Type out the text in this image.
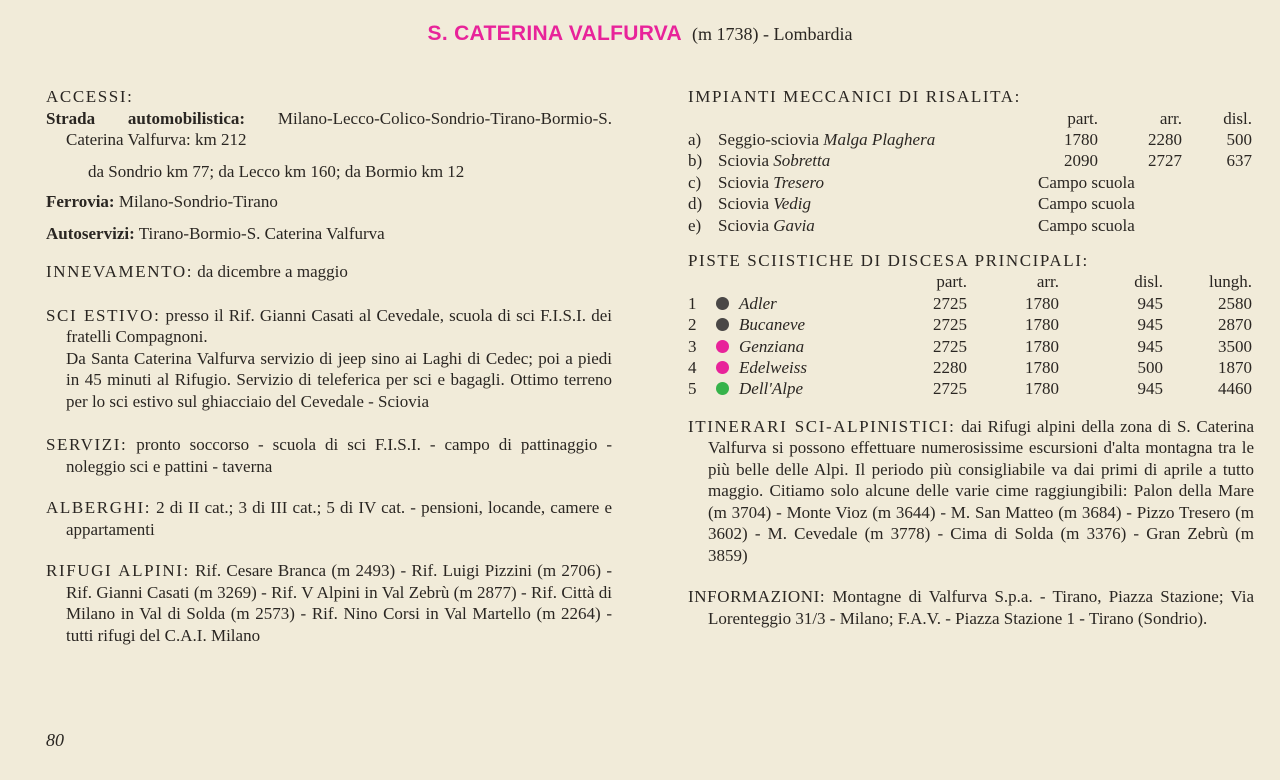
S. CATERINA VALFURVA (m 1738) - Lombardia
ACCESSI:
Strada automobilistica: Milano-Lecco-Colico-Sondrio-Tirano-Bormio-S. Caterina Valfurva: km 212
da Sondrio km 77; da Lecco km 160; da Bormio km 12
Ferrovia: Milano-Sondrio-Tirano
Autoservizi: Tirano-Bormio-S. Caterina Valfurva
INNEVAMENTO: da dicembre a maggio
SCI ESTIVO: presso il Rif. Gianni Casati al Cevedale, scuola di sci F.I.S.I. dei fratelli Compagnoni.
Da Santa Caterina Valfurva servizio di jeep sino ai Laghi di Cedec; poi a piedi in 45 minuti al Rifugio. Servizio di teleferica per sci e bagagli. Ottimo terreno per lo sci estivo sul ghiacciaio del Cevedale - Sciovia
SERVIZI: pronto soccorso - scuola di sci F.I.S.I. - campo di pattinaggio - noleggio sci e pattini - taverna
ALBERGHI: 2 di II cat.; 3 di III cat.; 5 di IV cat. - pensioni, locande, camere e appartamenti
RIFUGI ALPINI: Rif. Cesare Branca (m 2493) - Rif. Luigi Pizzini (m 2706) - Rif. Gianni Casati (m 3269) - Rif. V Alpini in Val Zebrù (m 2877) - Rif. Città di Milano in Val di Solda (m 2573) - Rif. Nino Corsi in Val Martello (m 2264) - tutti rifugi del C.A.I. Milano
80
IMPIANTI MECCANICI DI RISALITA:
		part.	arr.	disl.
a)	Seggio-sciovia Malga Plaghera	1780	2280	500
b)	Sciovia Sobretta	2090	2727	637
c)	Sciovia Tresero	Campo scuola		
d)	Sciovia Vedig	Campo scuola		
e)	Sciovia Gavia	Campo scuola		
PISTE SCIISTICHE DI DISCESA PRINCIPALI:
		part.	arr.	disl.	lungh.
1	Adler	2725	1780	945	2580
2	Bucaneve	2725	1780	945	2870
3	Genziana	2725	1780	945	3500
4	Edelweiss	2280	1780	500	1870
5	Dell'Alpe	2725	1780	945	4460
ITINERARI SCI-ALPINISTICI: dai Rifugi alpini della zona di S. Caterina Valfurva si possono effettuare numerosissime escursioni d'alta montagna tra le più belle delle Alpi. Il periodo più consigliabile va dai primi di aprile a tutto maggio. Citiamo solo alcune delle varie cime raggiungibili: Palon della Mare (m 3704) - Monte Vioz (m 3644) - M. San Matteo (m 3684) - Pizzo Tresero (m 3602) - M. Cevedale (m 3778) - Cima di Solda (m 3376) - Gran Zebrù (m 3859)
INFORMAZIONI: Montagne di Valfurva S.p.a. - Tirano, Piazza Stazione; Via Lorenteggio 31/3 - Milano; F.A.V. - Piazza Stazione 1 - Tirano (Sondrio).
